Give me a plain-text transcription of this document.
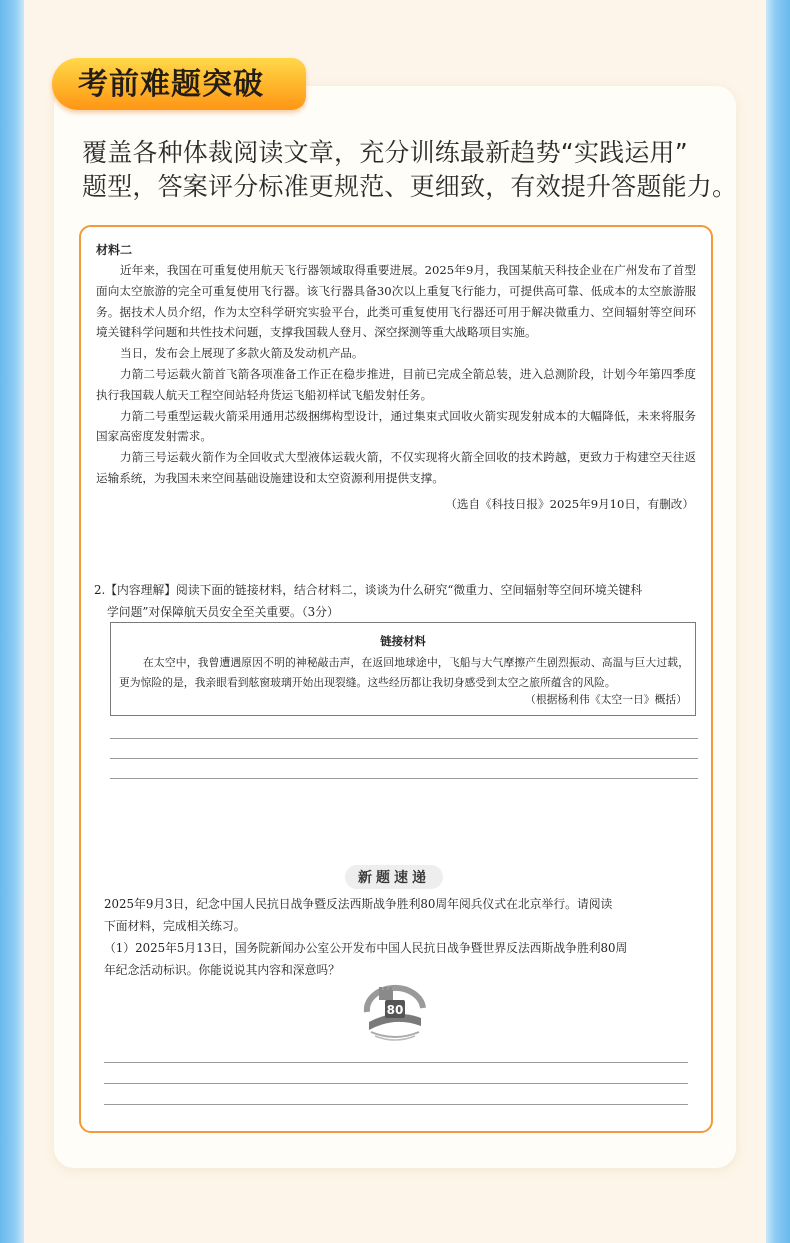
考前难题突破
覆盖各种体裁阅读文章，充分训练最新趋势“实践运用”
题型，答案评分标准更规范、更细致，有效提升答题能力。
材料二

近年来，我国在可重复使用航天飞行器领域取得重要进展。2025年9月，我国某航天科技企业在广州发布了首型面向太空旅游的完全可重复使用飞行器。该飞行器具备30次以上重复飞行能力，可提供高可靠、低成本的太空旅游服务。据技术人员介绍，作为太空科学研究实验平台，此类可重复使用飞行器还可用于解决微重力、空间辐射等空间环境关键科学问题和共性技术问题，支撑我国载人登月、深空探测等重大战略项目实施。

当日，发布会上展现了多款火箭及发动机产品。

力箭二号运载火箭首飞箭各项准备工作正在稳步推进，目前已完成全箭总装，进入总测阶段，计划今年第四季度执行我国载人航天工程空间站轻舟货运飞船初样试飞船发射任务。

力箭二号重型运载火箭采用通用芯级捆绑构型设计，通过集束式回收火箭实现发射成本的大幅降低，未来将服务国家高密度发射需求。

力箭三号运载火箭作为全回收式大型液体运载火箭，不仅实现将火箭全回收的技术跨越，更致力于构建空天往返运输系统，为我国未来空间基础设施建设和太空资源利用提供支撑。

（选自《科技日报》2025年9月10日，有删改）
2.【内容理解】阅读下面的链接材料，结合材料二，谈谈为什么研究“微重力、空间辐射等空间环境关键科
学问题”对保障航天员安全至关重要。（3分）
链接材料

在太空中，我曾遭遇原因不明的神秘敲击声，在返回地球途中，飞船与大气摩擦产生剧烈振动、高温与巨大过载，更为惊险的是，我亲眼看到舷窗玻璃开始出现裂缝。这些经历都让我切身感受到太空之旅所蕴含的风险。

（根据杨利伟《太空一日》概括）
新题速递
2025年9月3日，纪念中国人民抗日战争暨反法西斯战争胜利80周年阅兵仪式在北京举行。请阅读
下面材料，完成相关练习。
（1）2025年5月13日，国务院新闻办公室公开发布中国人民抗日战争暨世界反法西斯战争胜利80周
年纪念活动标识。你能说说其内容和深意吗？
80
